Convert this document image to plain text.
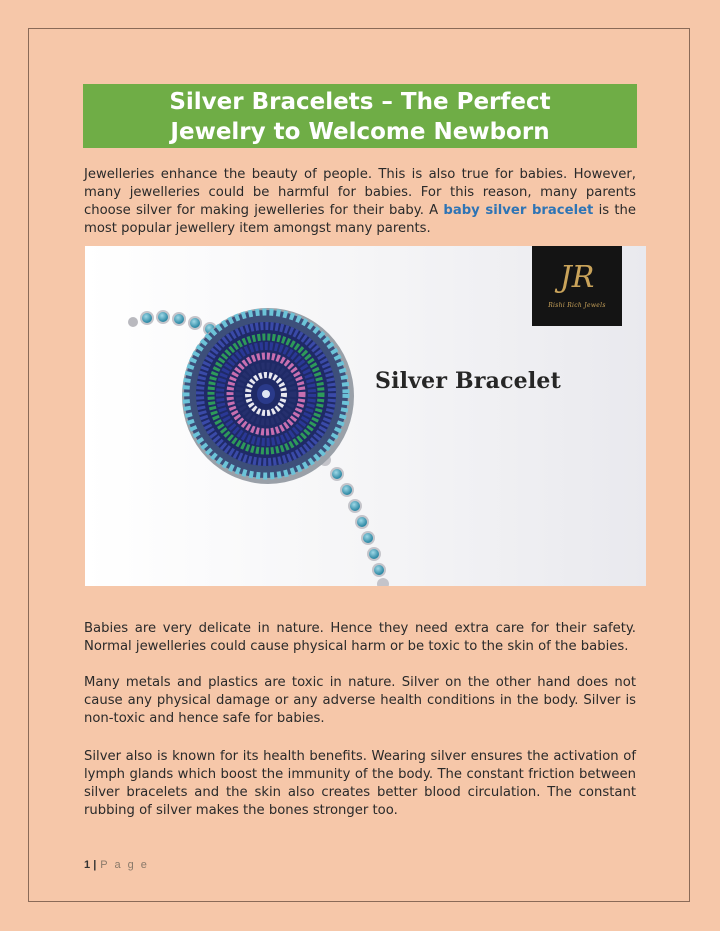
Silver Bracelets – The Perfect
Jewelry to Welcome Newborn

Jewelleries enhance the beauty of people. This is also true for babies. However, many jewelleries could be harmful for babies. For this reason, many parents choose silver for making jewelleries for their baby. A baby silver bracelet is the most popular jewellery item amongst many parents.

JR
Rishi Rich Jewels
Silver Bracelet

Babies are very delicate in nature. Hence they need extra care for their safety. Normal jewelleries could cause physical harm or be toxic to the skin of the babies.

Many metals and plastics are toxic in nature. Silver on the other hand does not cause any physical damage or any adverse health conditions in the body. Silver is non-toxic and hence safe for babies.

Silver also is known for its health benefits. Wearing silver ensures the activation of lymph glands which boost the immunity of the body. The constant friction between silver bracelets and the skin also creates better blood circulation. The constant rubbing of silver makes the bones stronger too.

1 | P a g e
